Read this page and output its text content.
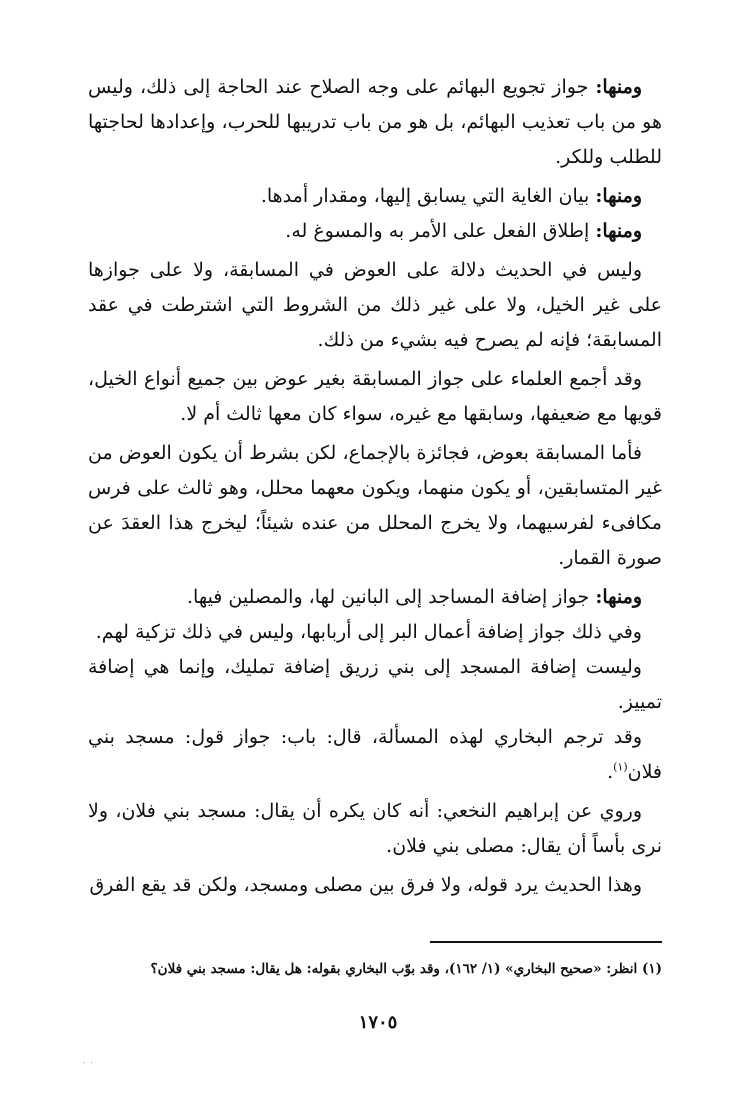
ومنها: جواز تجويع البهائم على وجه الصلاح عند الحاجة إلى ذلك، وليس هو من باب تعذيب البهائم، بل هو من باب تدريبها للحرب، وإعدادها لحاجتها للطلب وللكر.

ومنها: بيان الغاية التي يسابق إليها، ومقدار أمدها.

ومنها: إطلاق الفعل على الأمر به والمسوغ له.

وليس في الحديث دلالة على العوض في المسابقة، ولا على جوازها على غير الخيل، ولا على غير ذلك من الشروط التي اشترطت في عقد المسابقة؛ فإنه لم يصرح فيه بشيء من ذلك.

وقد أجمع العلماء على جواز المسابقة بغير عوض بين جميع أنواع الخيل، قويها مع ضعيفها، وسابقها مع غيره، سواء كان معها ثالث أم لا.

فأما المسابقة بعوض، فجائزة بالإجماع، لكن بشرط أن يكون العوض من غير المتسابقين، أو يكون منهما، ويكون معهما محلل، وهو ثالث على فرس مكافىء لفرسيهما، ولا يخرج المحلل من عنده شيئاً؛ ليخرج هذا العقدَ عن صورة القمار.

ومنها: جواز إضافة المساجد إلى البانين لها، والمصلين فيها.

وفي ذلك جواز إضافة أعمال البر إلى أربابها، وليس في ذلك تزكية لهم.

وليست إضافة المسجد إلى بني زريق إضافة تمليك، وإنما هي إضافة تمييز.

وقد ترجم البخاري لهذه المسألة، قال: باب: جواز قول: مسجد بني فلان$^{(١)}$.

وروي عن إبراهيم النخعي: أنه كان يكره أن يقال: مسجد بني فلان، ولا نرى بأساً أن يقال: مصلى بني فلان.

وهذا الحديث يرد قوله، ولا فرق بين مصلى ومسجد، ولكن قد يقع الفرق

(١) انظر: «صحيح البخاري» (١/ ١٦٢)، وقد بوّب البخاري بقوله: هل يقال: مسجد بني فلان؟
١٧٠٥
˙ ˙
